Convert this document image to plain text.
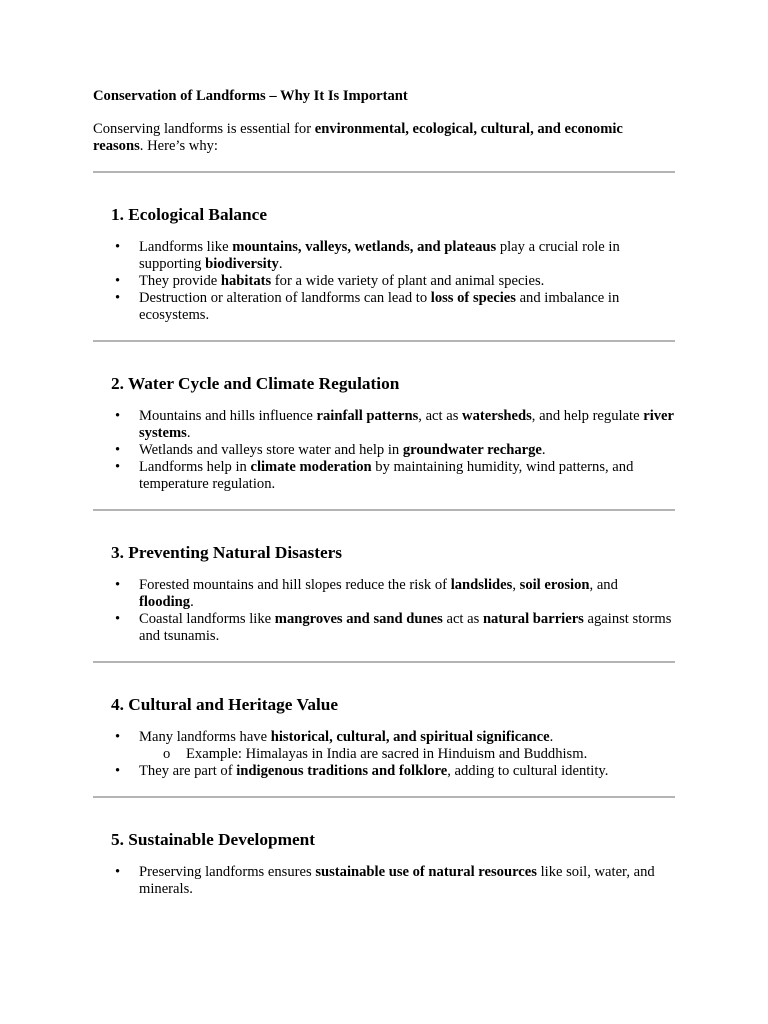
Conservation of Landforms – Why It Is Important

Conserving landforms is essential for environmental, ecological, cultural, and economic reasons. Here’s why:

1. Ecological Balance
• Landforms like mountains, valleys, wetlands, and plateaus play a crucial role in supporting biodiversity.
• They provide habitats for a wide variety of plant and animal species.
• Destruction or alteration of landforms can lead to loss of species and imbalance in ecosystems.
2. Water Cycle and Climate Regulation
• Mountains and hills influence rainfall patterns, act as watersheds, and help regulate river systems.
• Wetlands and valleys store water and help in groundwater recharge.
• Landforms help in climate moderation by maintaining humidity, wind patterns, and temperature regulation.
3. Preventing Natural Disasters
• Forested mountains and hill slopes reduce the risk of landslides, soil erosion, and flooding.
• Coastal landforms like mangroves and sand dunes act as natural barriers against storms and tsunamis.
4. Cultural and Heritage Value
• Many landforms have historical, cultural, and spiritual significance.
o Example: Himalayas in India are sacred in Hinduism and Buddhism.
• They are part of indigenous traditions and folklore, adding to cultural identity.
5. Sustainable Development
• Preserving landforms ensures sustainable use of natural resources like soil, water, and minerals.
